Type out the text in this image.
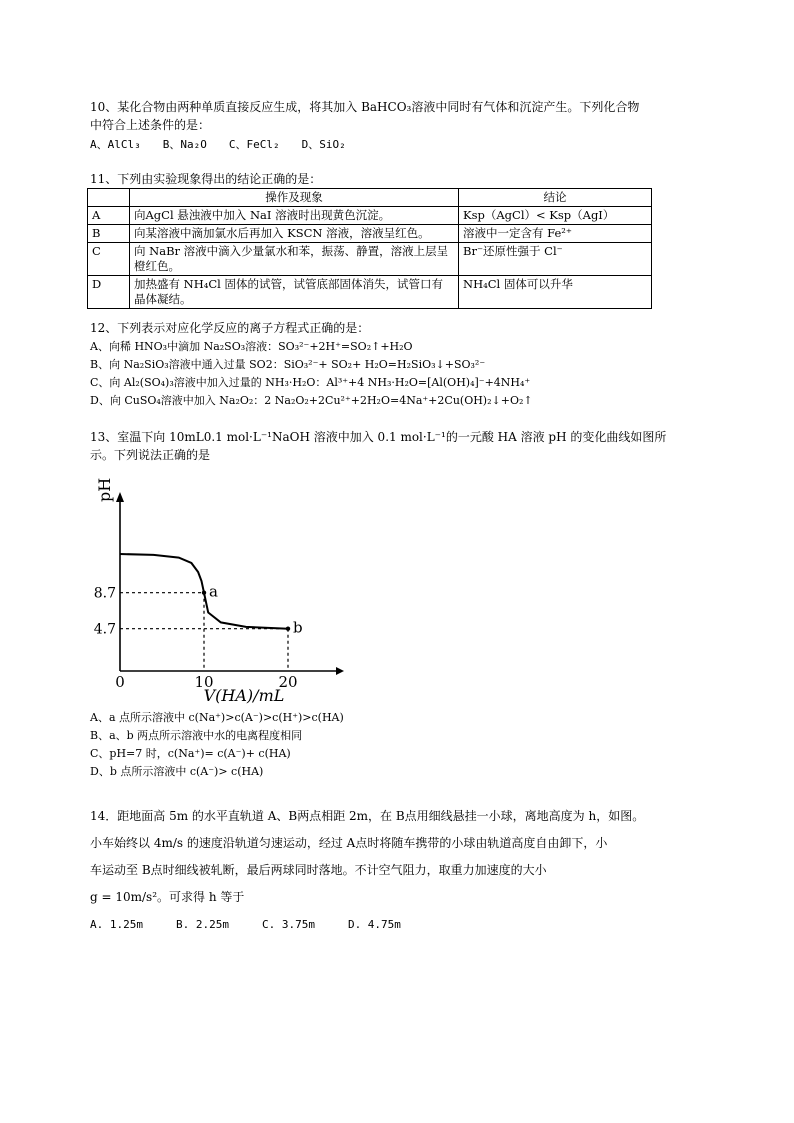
10、某化合物由两种单质直接反应生成，将其加入 BaHCO₃溶液中同时有气体和沉淀产生。下列化合物
中符合上述条件的是：
A、AlCl₃　　B、Na₂O　　C、FeCl₂　　D、SiO₂
11、下列由实验现象得出的结论正确的是：
	操作及现象	结论
A	向AgCl 悬浊液中加入 NaI 溶液时出现黄色沉淀。	Ksp（AgCl）< Ksp（AgI）
B	向某溶液中滴加氯水后再加入 KSCN 溶液，溶液呈红色。	溶液中一定含有 Fe²⁺
C	向 NaBr 溶液中滴入少量氯水和苯，振荡、静置，溶液上层呈橙红色。	Br⁻还原性强于 Cl⁻
D	加热盛有 NH₄Cl 固体的试管，试管底部固体消失，试管口有晶体凝结。	NH₄Cl 固体可以升华
12、下列表示对应化学反应的离子方程式正确的是：
A、向稀 HNO₃中滴加 Na₂SO₃溶液：SO₃²⁻+2H⁺=SO₂↑+H₂O
B、向 Na₂SiO₃溶液中通入过量 SO2：SiO₃²⁻+ SO₂+ H₂O=H₂SiO₃↓+SO₃²⁻
C、向 Al₂(SO₄)₃溶液中加入过量的 NH₃·H₂O：Al³⁺+4 NH₃·H₂O=[Al(OH)₄]⁻+4NH₄⁺
D、向 CuSO₄溶液中加入 Na₂O₂：2 Na₂O₂+2Cu²⁺+2H₂O=4Na⁺+2Cu(OH)₂↓+O₂↑
13、室温下向 10mL0.1 mol·L⁻¹NaOH 溶液中加入 0.1 mol·L⁻¹的一元酸 HA 溶液 pH 的变化曲线如图所
示。下列说法正确的是
pH
a
8.7
b
4.7
0	10	20
V(HA)/mL
A、a 点所示溶液中 c(Na⁺)>c(A⁻)>c(H⁺)>c(HA)
B、a、b 两点所示溶液中水的电离程度相同
C、pH=7 时，c(Na⁺)= c(A⁻)+ c(HA)
D、b 点所示溶液中 c(A⁻)> c(HA)
14．距地面高 5m 的水平直轨道 A、B两点相距 2m，在 B点用细线悬挂一小球，离地高度为 h，如图。
小车始终以 4m/s 的速度沿轨道匀速运动，经过 A点时将随车携带的小球由轨道高度自由卸下，小
车运动至 B点时细线被轧断，最后两球同时落地。不计空气阻力，取重力加速度的大小
g = 10m/s²。可求得 h 等于
A. 1.25m　　　B. 2.25m　　　C. 3.75m　　　D. 4.75m
